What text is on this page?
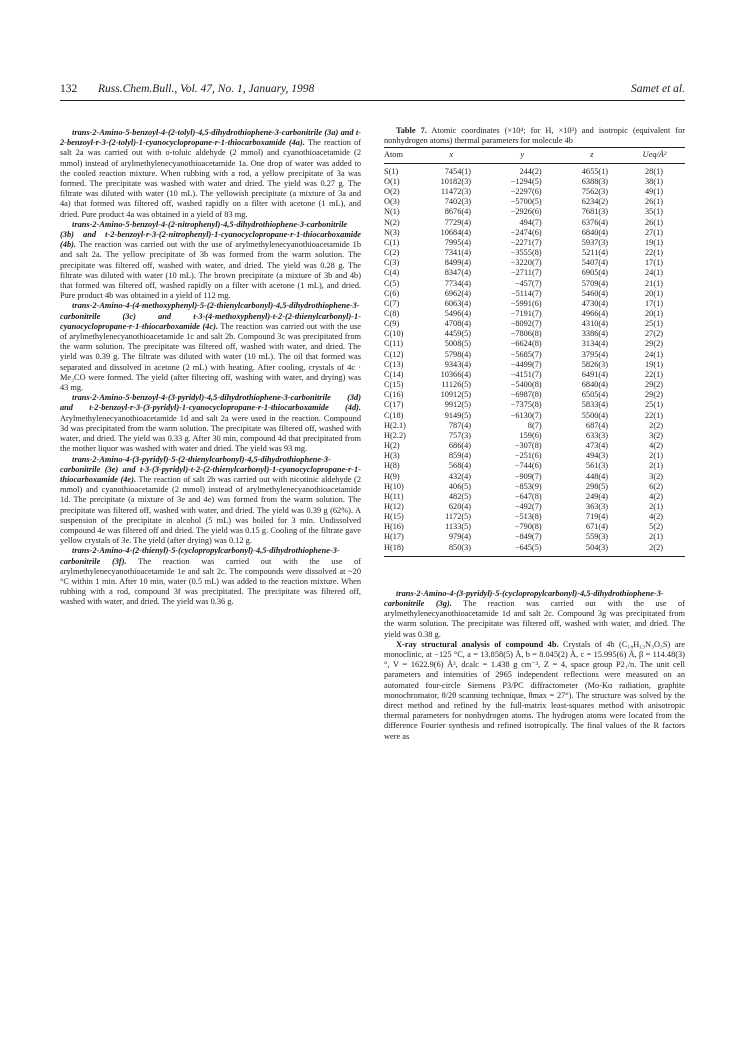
132 Russ.Chem.Bull., Vol. 47, No. 1, January, 1998	Samet et al.

trans-2-Amino-5-benzoyl-4-(2-tolyl)-4,5-dihydrothiophene-3-carbonitrile (3a) and t-2-benzoyl-r-3-(2-tolyl)-1-cyanocyclopropane-r-1-thiocarboxamide (4a). The reaction of salt 2a was carried out with o-toluic aldehyde (2 mmol) and cyanothioacetamide (2 mmol) instead of arylmethylenecyanothioacetamide 1a. One drop of water was added to the cooled reaction mixture. When rubbing with a rod, a yellow precipitate of 3a was formed. The precipitate was washed with water and dried. The yield was 0.27 g. The filtrate was diluted with water (10 mL). The yellowish precipitate (a mixture of 3a and 4a) that formed was filtered off, washed rapidly on a filter with acetone (1 mL), and dried. Pure product 4a was obtained in a yield of 83 mg.

trans-2-Amino-5-benzoyl-4-(2-nitrophenyl)-4,5-dihydrothiophene-3-carbonitrile (3b) and t-2-benzoyl-r-3-(2-nitrophenyl)-1-cyanocyclopropane-r-1-thiocarboxamide (4b). The reaction was carried out with the use of arylmethylenecyanothioacetamide 1b and salt 2a. The yellow precipitate of 3b was formed from the warm solution. The precipitate was filtered off, washed with water, and dried. The yield was 0.28 g. The filtrate was diluted with water (10 mL). The brown precipitate (a mixture of 3b and 4b) that formed was filtered off, washed rapidly on a filter with acetone (1 mL), and dried. Pure product 4b was obtained in a yield of 112 mg.

trans-2-Amino-4-(4-methoxyphenyl)-5-(2-thienylcarbonyl)-4,5-dihydrothiophene-3-carbonitrile (3c) and t-3-(4-methoxyphenyl)-t-2-(2-thienylcarbonyl)-1-cyanocyclopropane-r-1-thiocarboxamide (4c). The reaction was carried out with the use of arylmethylenecyanothioacetamide 1c and salt 2b. Compound 3c was precipitated from the warm solution. The precipitate was filtered off, washed with water, and dried. The yield was 0.39 g. The filtrate was diluted with water (10 mL). The oil that formed was separated and dissolved in acetone (2 mL) with heating. After cooling, crystals of 4c · Me₂CO were formed. The yield (after filtering off, washing with water, and drying) was 43 mg.

trans-2-Amino-5-benzoyl-4-(3-pyridyl)-4,5-dihydrothiophene-3-carbonitrile (3d) and t-2-benzoyl-r-3-(3-pyridyl)-1-cyanocyclopropane-r-1-thiocarboxamide (4d). Arylmethylenecyanothioacetamide 1d and salt 2a were used in the reaction. Compound 3d was precipitated from the warm solution. The precipitate was filtered off, washed with water, and dried. The yield was 0.33 g. After 30 min, compound 4d that precipitated from the mother liquor was washed with water and dried. The yield was 93 mg.

trans-2-Amino-4-(3-pyridyl)-5-(2-thienylcarbonyl)-4,5-dihydrothiophene-3-carbonitrile (3e) and t-3-(3-pyridyl)-t-2-(2-thienylcarbonyl)-1-cyanocyclopropane-r-1-thiocarboxamide (4e). The reaction of salt 2b was carried out with nicotinic aldehyde (2 mmol) and cyanothioacetamide (2 mmol) instead of arylmethylenecyanothioacetamide 1d. The precipitate (a mixture of 3e and 4e) was formed from the warm solution. The precipitate was filtered off, washed with water, and dried. The yield was 0.39 g (62%). A suspension of the precipitate in alcohol (5 mL) was boiled for 3 min. Undissolved compound 4e was filtered off and dried. The yield was 0.15 g. Cooling of the filtrate gave yellow crystals of 3e. The yield (after drying) was 0.12 g.

trans-2-Amino-4-(2-thienyl)-5-(cyclopropylcarbonyl)-4,5-dihydrothiophene-3-carbonitrile (3f). The reaction was carried out with the use of arylmethylenecyanothioacetamide 1e and salt 2c. The compounds were dissolved at ~20 °C within 1 min. After 10 min, water (0.5 mL) was added to the reaction mixture. When rubbing with a rod, compound 3f was precipitated. The precipitate was filtered off, washed with water, and dried. The yield was 0.36 g.

Table 7. Atomic coordinates (×10⁴; for H, ×10³) and isotropic (equivalent for nonhydrogen atoms) thermal parameters for molecule 4b

Atom	x	y	z	Ueq/Å²
S(1)	7454(1)	244(2)	4655(1)	28(1)
O(1)	10182(3)	−1294(5)	6388(3)	38(1)
O(2)	11472(3)	−2297(6)	7562(3)	49(1)
O(3)	7402(3)	−5700(5)	6234(2)	26(1)
N(1)	8676(4)	−2926(6)	7681(3)	35(1)
N(2)	7729(4)	494(7)	6376(4)	26(1)
N(3)	10684(4)	−2474(6)	6840(4)	27(1)
C(1)	7995(4)	−2271(7)	5937(3)	19(1)
C(2)	7341(4)	−3555(8)	5211(4)	22(1)
C(3)	8499(4)	−3220(7)	5407(4)	17(1)
C(4)	8347(4)	−2711(7)	6905(4)	24(1)
C(5)	7734(4)	−457(7)	5709(4)	21(1)
C(6)	6962(4)	−5114(7)	5460(4)	20(1)
C(7)	6063(4)	−5991(6)	4730(4)	17(1)
C(8)	5496(4)	−7191(7)	4966(4)	20(1)
C(9)	4708(4)	−8092(7)	4310(4)	25(1)
C(10)	4459(5)	−7806(8)	3386(4)	27(2)
C(11)	5008(5)	−6624(8)	3134(4)	29(2)
C(12)	5798(4)	−5685(7)	3795(4)	24(1)
C(13)	9343(4)	−4499(7)	5826(3)	19(1)
C(14)	10366(4)	−4151(7)	6491(4)	22(1)
C(15)	11126(5)	−5400(8)	6840(4)	29(2)
C(16)	10912(5)	−6987(8)	6505(4)	29(2)
C(17)	9912(5)	−7375(8)	5833(4)	25(1)
C(18)	9149(5)	−6130(7)	5500(4)	22(1)
H(2.1)	787(4)	8(7)	687(4)	2(2)
H(2.2)	757(3)	159(6)	633(3)	3(2)
H(2)	686(4)	−307(8)	473(4)	4(2)
H(3)	859(4)	−251(6)	494(3)	2(1)
H(8)	568(4)	−744(6)	561(3)	2(1)
H(9)	432(4)	−909(7)	448(4)	3(2)
H(10)	406(5)	−853(9)	298(5)	6(2)
H(11)	482(5)	−647(8)	249(4)	4(2)
H(12)	620(4)	−492(7)	363(3)	2(1)
H(15)	1172(5)	−513(8)	719(4)	4(2)
H(16)	1133(5)	−790(8)	671(4)	5(2)
H(17)	979(4)	−849(7)	559(3)	2(1)
H(18)	850(3)	−645(5)	504(3)	2(2)

trans-2-Amino-4-(3-pyridyl)-5-(cyclopropylcarbonyl)-4,5-dihydrothiophene-3-carbonitrile (3g). The reaction was carried out with the use of arylmethylenecyanothioacetamide 1d and salt 2c. Compound 3g was precipitated from the warm solution. The precipitate was filtered off, washed with water, and dried. The yield was 0.38 g.

X-ray structural analysis of compound 4b. Crystals of 4b (C₁₈H₁₃N₃O₃S) are monoclinic, at −125 °C, a = 13.858(5) Å, b = 8.045(2) Å, c = 15.995(6) Å, β = 114.48(3)°, V = 1622.9(6) Å³, dcalc = 1.438 g cm⁻³, Z = 4, space group P2₁/n. The unit cell parameters and intensities of 2965 independent reflections were measured on an automated four-circle Siemens P3/PC diffractometer (Mo-Kα radiation, graphite monochromator, θ/2θ scanning technique, θmax = 27°). The structure was solved by the direct method and refined by the full-matrix least-squares method with anisotropic thermal parameters for nonhydrogen atoms. The hydrogen atoms were located from the difference Fourier synthesis and refined isotropically. The final values of the R factors were as
